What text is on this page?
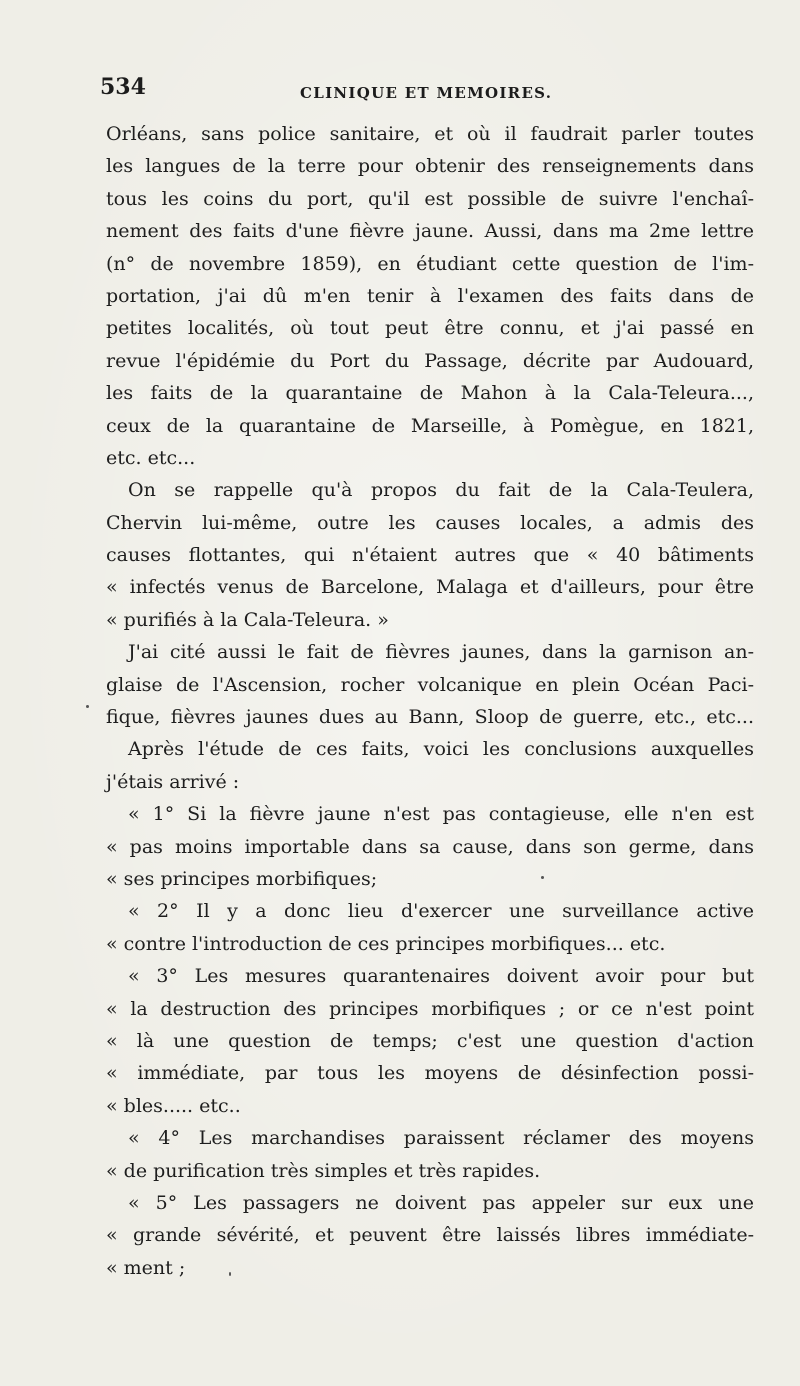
534	CLINIQUE ET MEMOIRES.
Orléans, sans police sanitaire, et où il faudrait parler toutes
les langues de la terre pour obtenir des renseignements dans
tous les coins du port, qu'il est possible de suivre l'enchaî-
nement des faits d'une fièvre jaune. Aussi, dans ma 2me lettre
(n° de novembre 1859), en étudiant cette question de l'im-
portation, j'ai dû m'en tenir à l'examen des faits dans de
petites localités, où tout peut être connu, et j'ai passé en
revue l'épidémie du Port du Passage, décrite par Audouard,
les faits de la quarantaine de Mahon à la Cala-Teleura...,
ceux de la quarantaine de Marseille, à Pomègue, en 1821,
etc. etc...
On se rappelle qu'à propos du fait de la Cala-Teulera,
Chervin lui-même, outre les causes locales, a admis des
causes flottantes, qui n'étaient autres que « 40 bâtiments
« infectés venus de Barcelone, Malaga et d'ailleurs, pour être
« purifiés à la Cala-Teleura. »
J'ai cité aussi le fait de fièvres jaunes, dans la garnison an-
glaise de l'Ascension, rocher volcanique en plein Océan Paci-
fique, fièvres jaunes dues au Bann, Sloop de guerre, etc., etc...
Après l'étude de ces faits, voici les conclusions auxquelles
j'étais arrivé :
« 1° Si la fièvre jaune n'est pas contagieuse, elle n'en est
« pas moins importable dans sa cause, dans son germe, dans
« ses principes morbifiques;
« 2° Il y a donc lieu d'exercer une surveillance active
« contre l'introduction de ces principes morbifiques... etc.
« 3° Les mesures quarantenaires doivent avoir pour but
« la destruction des principes morbifiques ; or ce n'est point
« là une question de temps; c'est une question d'action
« immédiate, par tous les moyens de désinfection possi-
« bles..... etc..
« 4° Les marchandises paraissent réclamer des moyens
« de purification très simples et très rapides.
« 5° Les passagers ne doivent pas appeler sur eux une
« grande sévérité, et peuvent être laissés libres immédiate-
« ment ;
